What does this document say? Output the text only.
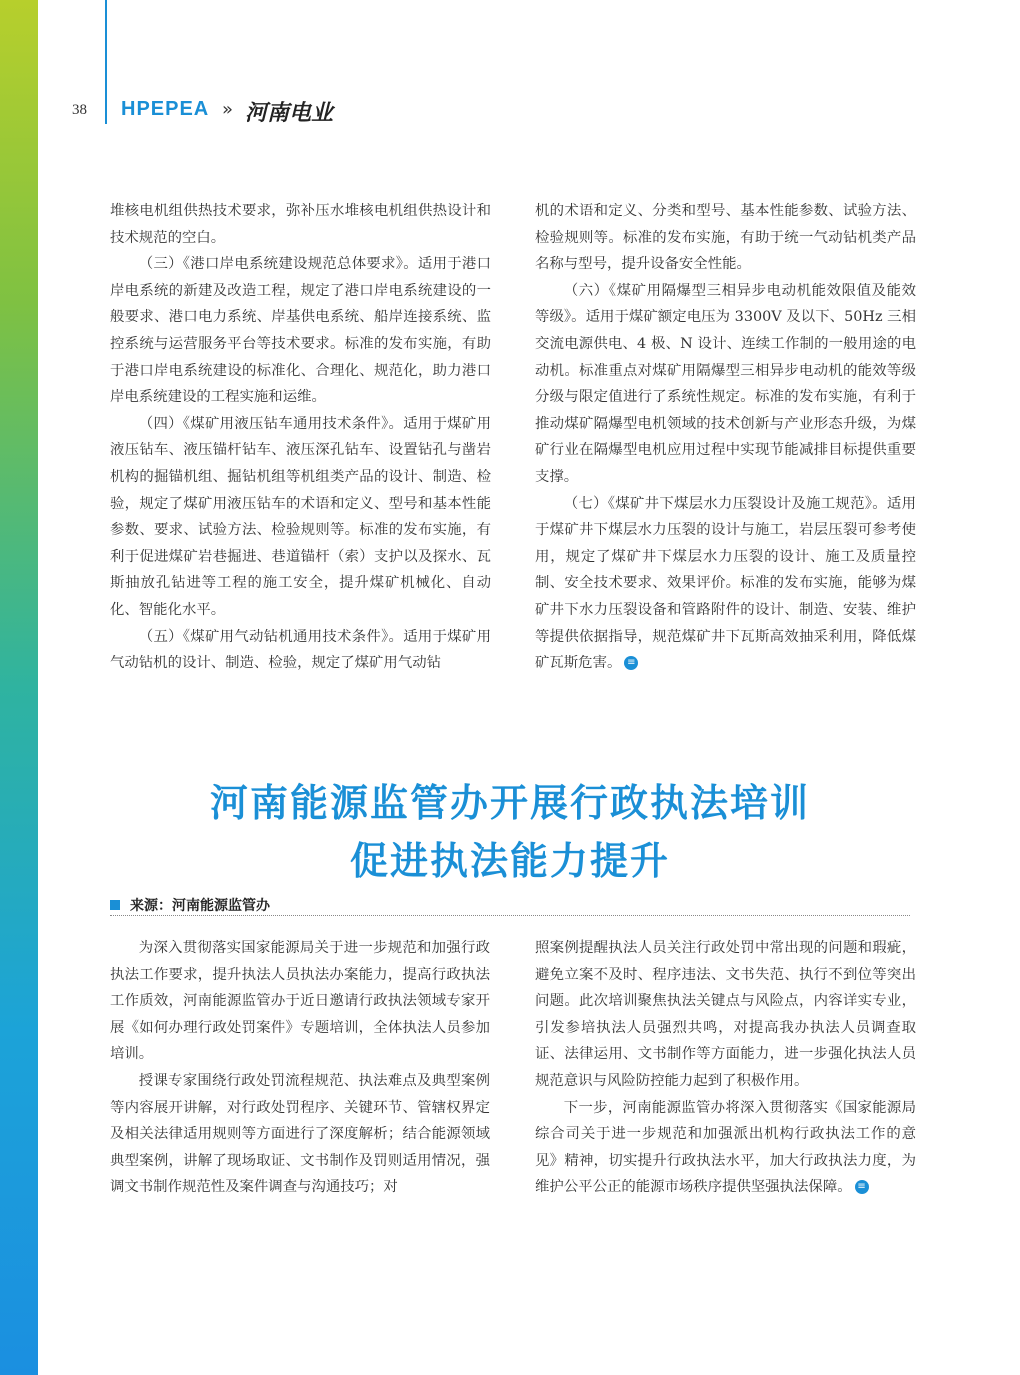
38 HPEPEA » 河南电业

堆核电机组供热技术要求，弥补压水堆核电机组供热设计和技术规范的空白。

（三）《港口岸电系统建设规范总体要求》。适用于港口岸电系统的新建及改造工程，规定了港口岸电系统建设的一般要求、港口电力系统、岸基供电系统、船岸连接系统、监控系统与运营服务平台等技术要求。标准的发布实施，有助于港口岸电系统建设的标准化、合理化、规范化，助力港口岸电系统建设的工程实施和运维。

（四）《煤矿用液压钻车通用技术条件》。适用于煤矿用液压钻车、液压锚杆钻车、液压深孔钻车、设置钻孔与凿岩机构的掘锚机组、掘钻机组等机组类产品的设计、制造、检验，规定了煤矿用液压钻车的术语和定义、型号和基本性能参数、要求、试验方法、检验规则等。标准的发布实施，有利于促进煤矿岩巷掘进、巷道锚杆（索）支护以及探水、瓦斯抽放孔钻进等工程的施工安全，提升煤矿机械化、自动化、智能化水平。

（五）《煤矿用气动钻机通用技术条件》。适用于煤矿用气动钻机的设计、制造、检验，规定了煤矿用气动钻

机的术语和定义、分类和型号、基本性能参数、试验方法、检验规则等。标准的发布实施，有助于统一气动钻机类产品名称与型号，提升设备安全性能。

（六）《煤矿用隔爆型三相异步电动机能效限值及能效等级》。适用于煤矿额定电压为 3300V 及以下、50Hz 三相交流电源供电、4 极、N 设计、连续工作制的一般用途的电动机。标准重点对煤矿用隔爆型三相异步电动机的能效等级分级与限定值进行了系统性规定。标准的发布实施，有利于推动煤矿隔爆型电机领域的技术创新与产业形态升级，为煤矿行业在隔爆型电机应用过程中实现节能减排目标提供重要支撑。

（七）《煤矿井下煤层水力压裂设计及施工规范》。适用于煤矿井下煤层水力压裂的设计与施工，岩层压裂可参考使用，规定了煤矿井下煤层水力压裂的设计、施工及质量控制、安全技术要求、效果评价。标准的发布实施，能够为煤矿井下水力压裂设备和管路附件的设计、制造、安装、维护等提供依据指导，规范煤矿井下瓦斯高效抽采利用，降低煤矿瓦斯危害。 ≡

河南能源监管办开展行政执法培训
促进执法能力提升
来源：河南能源监管办

为深入贯彻落实国家能源局关于进一步规范和加强行政执法工作要求，提升执法人员执法办案能力，提高行政执法工作质效，河南能源监管办于近日邀请行政执法领域专家开展《如何办理行政处罚案件》专题培训，全体执法人员参加培训。

授课专家围绕行政处罚流程规范、执法难点及典型案例等内容展开讲解，对行政处罚程序、关键环节、管辖权界定及相关法律适用规则等方面进行了深度解析；结合能源领域典型案例，讲解了现场取证、文书制作及罚则适用情况，强调文书制作规范性及案件调查与沟通技巧；对

照案例提醒执法人员关注行政处罚中常出现的问题和瑕疵，避免立案不及时、程序违法、文书失范、执行不到位等突出问题。此次培训聚焦执法关键点与风险点，内容详实专业，引发参培执法人员强烈共鸣，对提高我办执法人员调查取证、法律运用、文书制作等方面能力，进一步强化执法人员规范意识与风险防控能力起到了积极作用。

下一步，河南能源监管办将深入贯彻落实《国家能源局综合司关于进一步规范和加强派出机构行政执法工作的意见》精神，切实提升行政执法水平，加大行政执法力度，为维护公平公正的能源市场秩序提供坚强执法保障。 ≡
